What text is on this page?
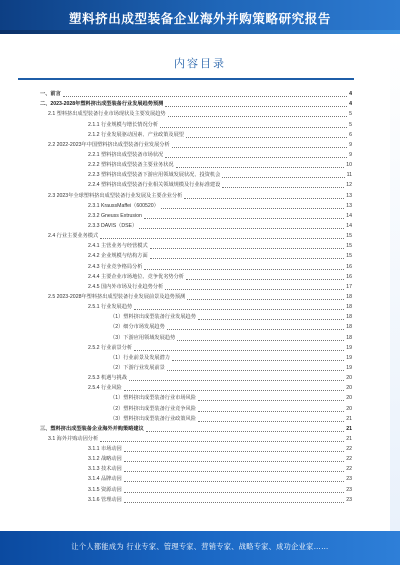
塑料挤出成型装备企业海外并购策略研究报告
内容目录
一、前言	4
二、2023-2028年塑料挤出成型装备行业发展趋势预测	4
2.1 塑料挤出成型装备行业市场现状及主要发展趋势	5
2.1.1 行业规模与增长情况分析	5
2.1.2 行业发展驱动因素、产业政策及展望	6
2.2 2022-2023年中国塑料挤出成型装备行业发展分析	9
2.2.1 塑料挤出成型装备市场状况	9
2.2.2 塑料挤出成型装备主要业务状况	10
2.2.3 塑料挤出成型装备下游应用领域发展状况、投资机会	11
2.2.4 塑料挤出成型装备行业相关领域规模及行业标准建设	12
2.3 2023年全球塑料挤出成型装备行业发展及主要企业分析	13
2.3.1 KraussMaffei（600520）	13
2.3.2 Gneuss Extrusion	14
2.3.3 DAVIS（DSE）	14
2.4 行业主要业务模式	15
2.4.1 主营业务与经营模式	15
2.4.2 企业规模与结构方面	15
2.4.3 行业竞争格局分析	16
2.4.4 主要企业市场地位、竞争优劣势分析	16
2.4.5 国内外市场及行业趋势分析	17
2.5 2023-2028年塑料挤出成型装备行业发展前景及趋势预测	18
2.5.1 行业发展趋势	18
（1）塑料挤出成型装备行业发展趋势	18
（2）细分市场发展趋势	18
（3）下游应用领域发展趋势	18
2.5.2 行业前景分析	19
（1）行业前景及发展潜力	19
（2）下游行业发展前景	19
2.5.3 机遇与挑战	20
2.5.4 行业风险	20
（1）塑料挤出成型装备行业市场风险	20
（2）塑料挤出成型装备行业竞争风险	20
（3）塑料挤出成型装备行业政策风险	21
三、塑料挤出成型装备企业海外并购策略建议	21
3.1 海外并购动因分析	21
3.1.1 市场动因	22
3.1.2 战略动因	22
3.1.3 技术动因	22
3.1.4 品牌动因	23
3.1.5 资源动因	23
3.1.6 管理动因	23
让个人都能成为 行业专家、管理专家、营销专家、战略专家、成功企业家……
